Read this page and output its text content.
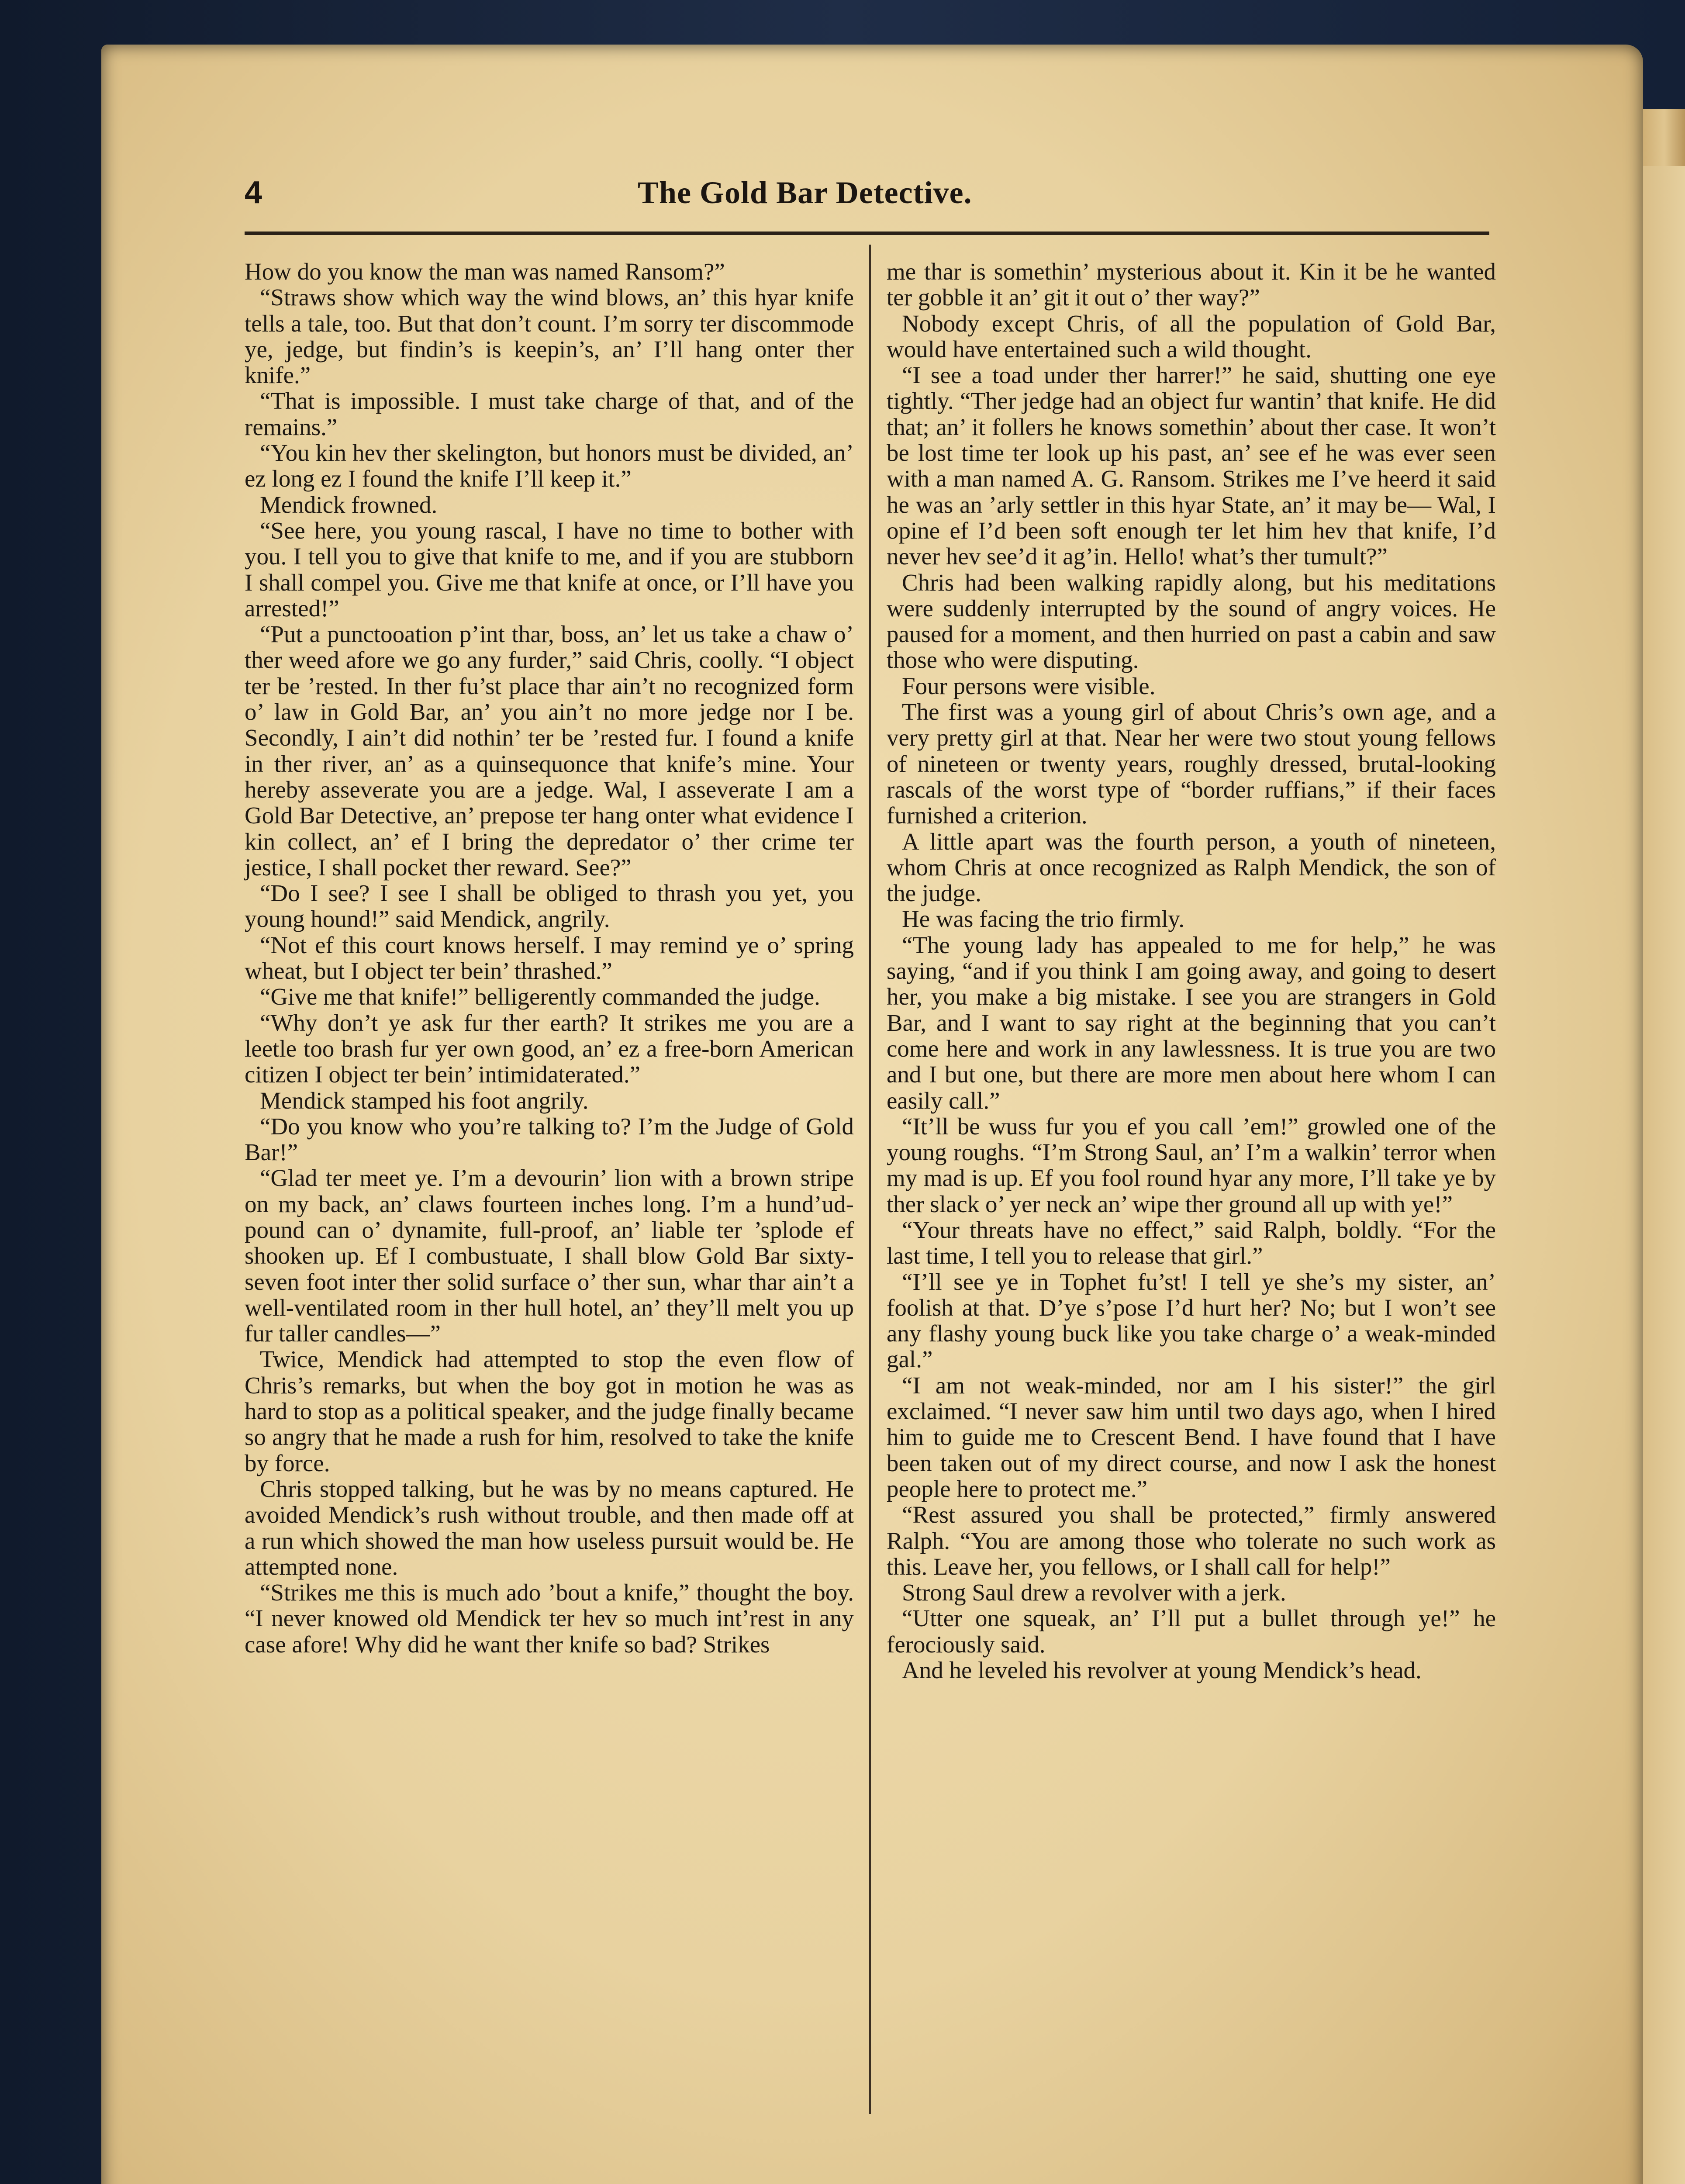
4	The Gold Bar Detective.

How do you know the man was named Ransom?”

“Straws show which way the wind blows, an’ this hyar knife tells a tale, too. But that don’t count. I’m sorry ter discommode ye, jedge, but findin’s is keepin’s, an’ I’ll hang onter ther knife.”

“That is impossible. I must take charge of that, and of the remains.”

“You kin hev ther skelington, but honors must be divided, an’ ez long ez I found the knife I’ll keep it.”

Mendick frowned.

“See here, you young rascal, I have no time to bother with you. I tell you to give that knife to me, and if you are stubborn I shall compel you. Give me that knife at once, or I’ll have you arrested!”

“Put a punctooation p’int thar, boss, an’ let us take a chaw o’ ther weed afore we go any furder,” said Chris, coolly. “I object ter be ’rested. In ther fu’st place thar ain’t no recognized form o’ law in Gold Bar, an’ you ain’t no more jedge nor I be. Secondly, I ain’t did nothin’ ter be ’rested fur. I found a knife in ther river, an’ as a quinsequonce that knife’s mine. Your hereby asseverate you are a jedge. Wal, I asseverate I am a Gold Bar Detective, an’ prepose ter hang onter what evidence I kin collect, an’ ef I bring the depredator o’ ther crime ter jestice, I shall pocket ther reward. See?”

“Do I see? I see I shall be obliged to thrash you yet, you young hound!” said Mendick, angrily.

“Not ef this court knows herself. I may remind ye o’ spring wheat, but I object ter bein’ thrashed.”

“Give me that knife!” belligerently commanded the judge.

“Why don’t ye ask fur ther earth? It strikes me you are a leetle too brash fur yer own good, an’ ez a free-born American citizen I object ter bein’ intimidaterated.”

Mendick stamped his foot angrily.

“Do you know who you’re talking to? I’m the Judge of Gold Bar!”

“Glad ter meet ye. I’m a devourin’ lion with a brown stripe on my back, an’ claws fourteen inches long. I’m a hund’ud-pound can o’ dynamite, full-proof, an’ liable ter ’splode ef shooken up. Ef I combustuate, I shall blow Gold Bar sixty-seven foot inter ther solid surface o’ ther sun, whar thar ain’t a well-ventilated room in ther hull hotel, an’ they’ll melt you up fur taller candles—”

Twice, Mendick had attempted to stop the even flow of Chris’s remarks, but when the boy got in motion he was as hard to stop as a political speaker, and the judge finally became so angry that he made a rush for him, resolved to take the knife by force.

Chris stopped talking, but he was by no means captured. He avoided Mendick’s rush without trouble, and then made off at a run which showed the man how useless pursuit would be. He attempted none.

“Strikes me this is much ado ’bout a knife,” thought the boy. “I never knowed old Mendick ter hev so much int’rest in any case afore! Why did he want ther knife so bad? Strikes

me thar is somethin’ mysterious about it. Kin it be he wanted ter gobble it an’ git it out o’ ther way?”

Nobody except Chris, of all the population of Gold Bar, would have entertained such a wild thought.

“I see a toad under ther harrer!” he said, shutting one eye tightly. “Ther jedge had an object fur wantin’ that knife. He did that; an’ it follers he knows somethin’ about ther case. It won’t be lost time ter look up his past, an’ see ef he was ever seen with a man named A. G. Ransom. Strikes me I’ve heerd it said he was an ’arly settler in this hyar State, an’ it may be— Wal, I opine ef I’d been soft enough ter let him hev that knife, I’d never hev see’d it ag’in. Hello! what’s ther tumult?”

Chris had been walking rapidly along, but his meditations were suddenly interrupted by the sound of angry voices. He paused for a moment, and then hurried on past a cabin and saw those who were disputing.

Four persons were visible.

The first was a young girl of about Chris’s own age, and a very pretty girl at that. Near her were two stout young fellows of nineteen or twenty years, roughly dressed, brutal-looking rascals of the worst type of “border ruffians,” if their faces furnished a criterion.

A little apart was the fourth person, a youth of nineteen, whom Chris at once recognized as Ralph Mendick, the son of the judge.

He was facing the trio firmly.

“The young lady has appealed to me for help,” he was saying, “and if you think I am going away, and going to desert her, you make a big mistake. I see you are strangers in Gold Bar, and I want to say right at the beginning that you can’t come here and work in any lawlessness. It is true you are two and I but one, but there are more men about here whom I can easily call.”

“It’ll be wuss fur you ef you call ’em!” growled one of the young roughs. “I’m Strong Saul, an’ I’m a walkin’ terror when my mad is up. Ef you fool round hyar any more, I’ll take ye by ther slack o’ yer neck an’ wipe ther ground all up with ye!”

“Your threats have no effect,” said Ralph, boldly. “For the last time, I tell you to release that girl.”

“I’ll see ye in Tophet fu’st! I tell ye she’s my sister, an’ foolish at that. D’ye s’pose I’d hurt her? No; but I won’t see any flashy young buck like you take charge o’ a weak-minded gal.”

“I am not weak-minded, nor am I his sister!” the girl exclaimed. “I never saw him until two days ago, when I hired him to guide me to Crescent Bend. I have found that I have been taken out of my direct course, and now I ask the honest people here to protect me.”

“Rest assured you shall be protected,” firmly answered Ralph. “You are among those who tolerate no such work as this. Leave her, you fellows, or I shall call for help!”

Strong Saul drew a revolver with a jerk.

“Utter one squeak, an’ I’ll put a bullet through ye!” he ferociously said.

And he leveled his revolver at young Mendick’s head.
